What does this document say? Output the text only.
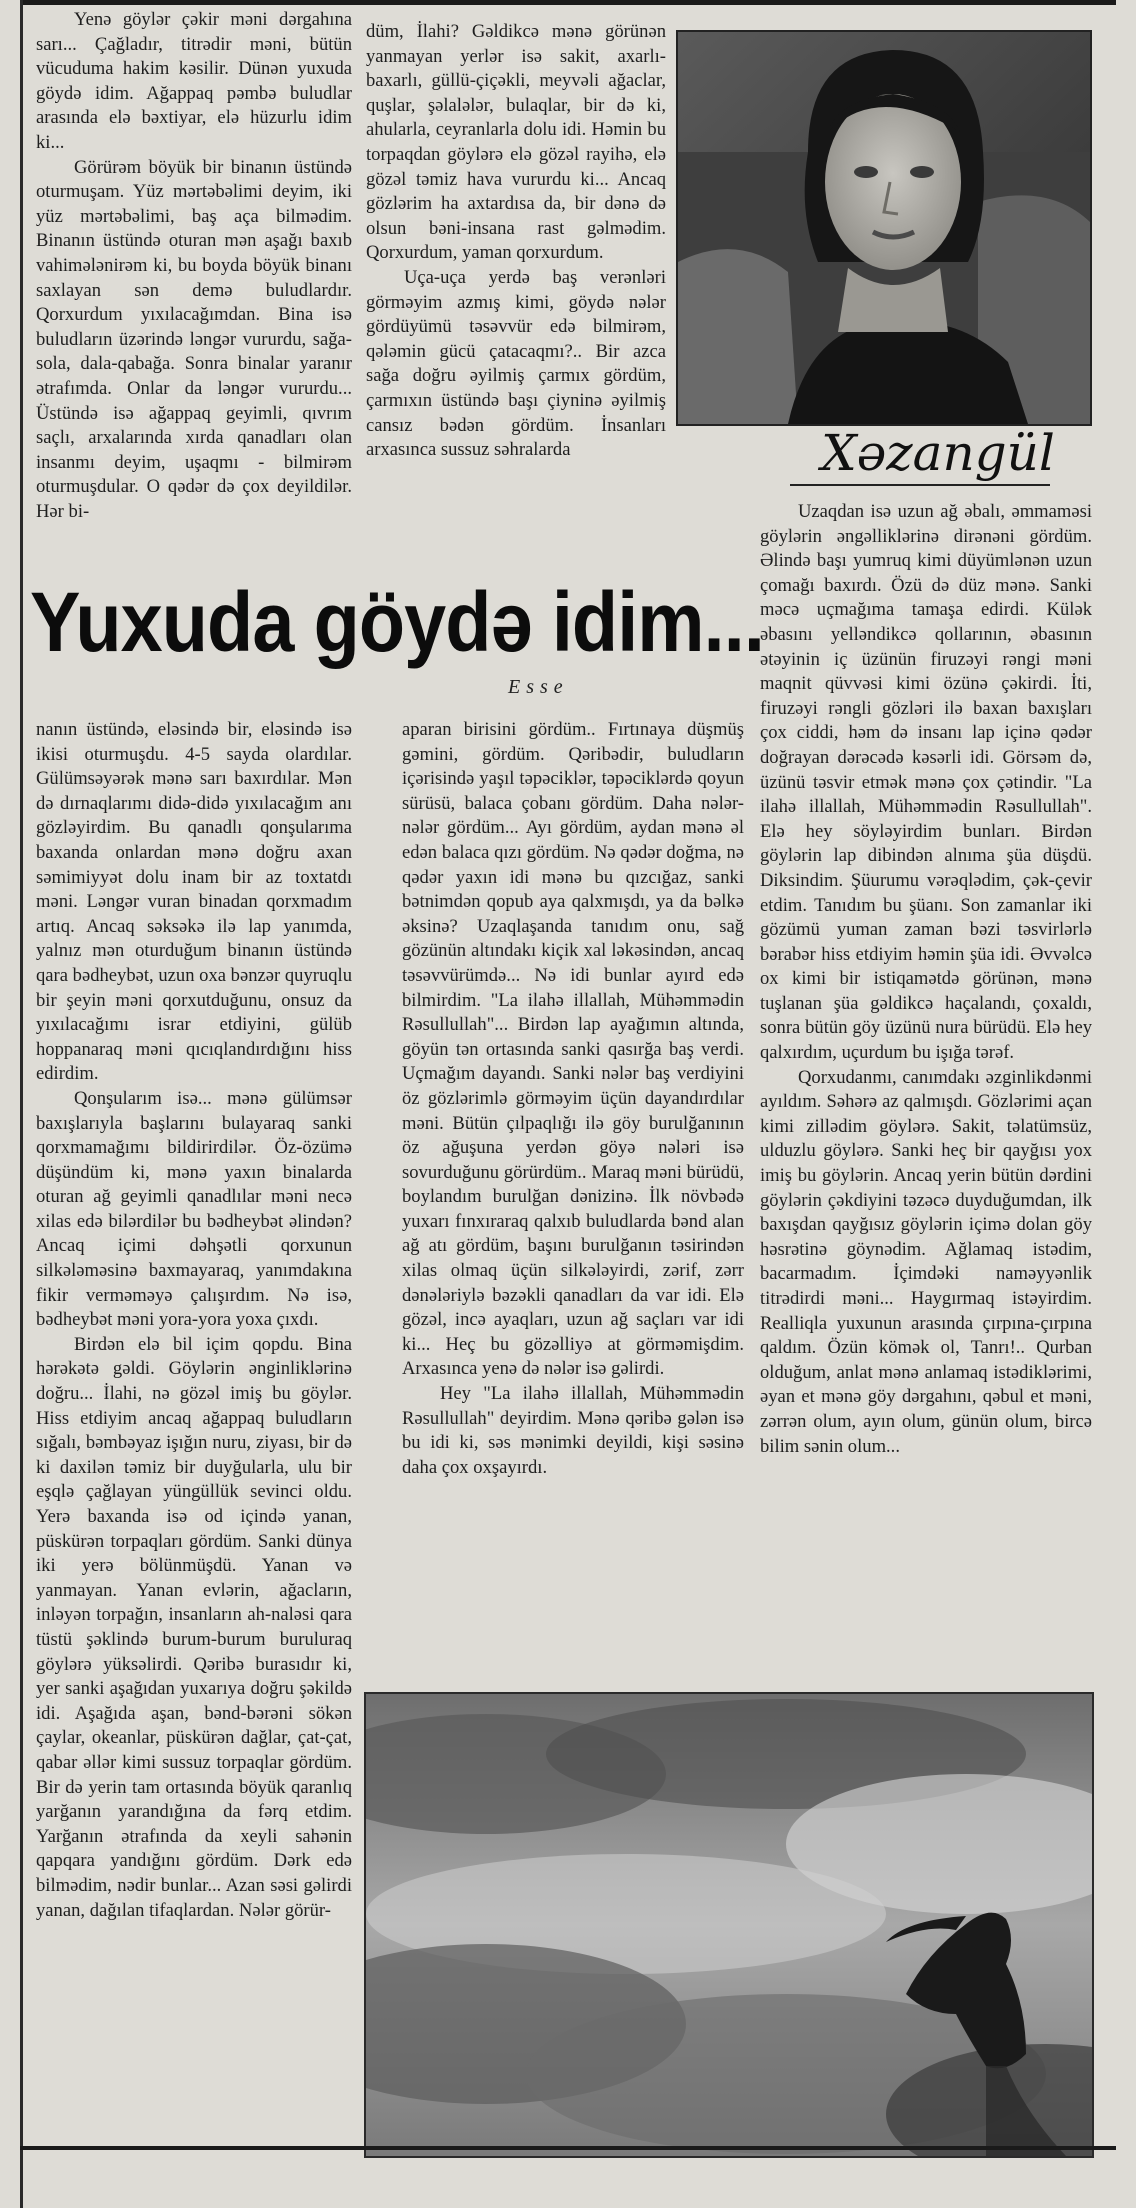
Yenə göylər çəkir məni dərgahına sarı... Çağladır, titrədir məni, bütün vücuduma hakim kəsilir. Dünən yuxuda göydə idim. Ağappaq pəmbə buludlar arasında elə bəxtiyar, elə hüzurlu idim ki...

Görürəm böyük bir binanın üstündə oturmuşam. Yüz mərtəbəlimi deyim, iki yüz mərtəbəlimi, baş aça bilmədim. Binanın üstündə oturan mən aşağı baxıb vahimələnirəm ki, bu boyda böyük binanı saxlayan sən demə buludlardır. Qorxurdum yıxılacağımdan. Bina isə buludların üzərində ləngər vururdu, sağa-sola, dala-qabağa. Sonra binalar yaranır ətrafımda. Onlar da ləngər vururdu... Üstündə isə ağappaq geyimli, qıvrım saçlı, arxalarında xırda qanadları olan insanmı deyim, uşaqmı - bilmirəm oturmuşdular. O qədər də çox deyildilər. Hər bi-

düm, İlahi? Gəldikcə mənə görünən yanmayan yerlər isə sakit, axarlı-baxarlı, güllü-çiçəkli, meyvəli ağaclar, quşlar, şəlalələr, bulaqlar, bir də ki, ahularla, ceyranlarla dolu idi. Həmin bu torpaqdan göylərə elə gözəl rayihə, elə gözəl təmiz hava vururdu ki... Ancaq gözlərim ha axtardısa da, bir dənə də olsun bəni-insana rast gəlmədim. Qorxurdum, yaman qorxurdum.

Uça-uça yerdə baş verənləri görməyim azmış kimi, göydə nələr gördüyümü təsəvvür edə bilmirəm, qələmin gücü çatacaqmı?.. Bir azca sağa doğru əyilmiş çarmıx gördüm, çarmıxın üstündə başı çiyninə əyilmiş cansız bədən gördüm. İnsanları arxasınca sussuz səhralarda	Xəzangül

Uzaqdan isə uzun ağ əbalı, əmmaməsi göylərin əngəlliklərinə dirənəni gördüm. Əlində başı yumruq kimi düyümlənən uzun çomağı baxırdı. Özü də düz mənə. Sanki məcə uçmağıma tamaşa edirdi. Külək əbasını yelləndikcə qollarının, əbasının ətəyinin iç üzünün firuzəyi rəngi məni maqnit qüvvəsi kimi özünə çəkirdi. İti, firuzəyi rəngli gözləri ilə baxan baxışları çox ciddi, həm də insanı lap içinə qədər doğrayan dərəcədə kəsərli idi. Görsəm də, üzünü təsvir etmək mənə çox çətindir. "La ilahə illallah, Mühəmmədin Rəsullullah". Elə hey söyləyirdim bunları. Birdən göylərin lap dibindən alnıma şüa düşdü. Diksindim. Şüurumu vərəqlədim, çək-çevir etdim. Tanıdım bu şüanı. Son zamanlar iki gözümü yuman zaman bəzi təsvirlərlə bərabər hiss etdiyim həmin şüa idi. Əvvəlcə ox kimi bir istiqamətdə görünən, mənə tuşlanan şüa gəldikcə haçalandı, çoxaldı, sonra bütün göy üzünü nura bürüdü. Elə hey qalxırdım, uçurdum bu işığa tərəf.

Qorxudanmı, canımdakı əzginlikdənmi ayıldım. Səhərə az qalmışdı. Gözlərimi açan kimi zillədim göylərə. Sakit, təlatümsüz, ulduzlu göylərə. Sanki heç bir qayğısı yox imiş bu göylərin. Ancaq yerin bütün dərdini göylərin çəkdiyini təzəcə duyduğumdan, ilk baxışdan qayğısız göylərin içimə dolan göy həsrətinə göynədim. Ağlamaq istədim, bacarmadım. İçimdəki naməyyənlik titrədirdi məni... Haygırmaq istəyirdim. Realliqla yuxunun arasında çırpına-çırpına qaldım. Özün kömək ol, Tanrı!.. Qurban olduğum, anlat mənə anlamaq istədiklərimi, əyan et mənə göy dərgahını, qəbul et məni, zərrən olum, ayın olum, günün olum, bircə bilim sənin olum...

Yuxuda göydə idim...
Esse

nanın üstündə, eləsində bir, eləsində isə ikisi oturmuşdu. 4-5 sayda olardılar. Gülümsəyərək mənə sarı baxırdılar. Mən də dırnaqlarımı didə-didə yıxılacağım anı gözləyirdim. Bu qanadlı qonşularıma baxanda onlardan mənə doğru axan səmimiyyət dolu inam bir az toxtatdı məni. Ləngər vuran binadan qorxmadım artıq. Ancaq səksəkə ilə lap yanımda, yalnız mən oturduğum binanın üstündə qara bədheybət, uzun oxa bənzər quyruqlu bir şeyin məni qorxutduğunu, onsuz da yıxılacağımı israr etdiyini, gülüb hoppanaraq məni qıcıqlandırdığını hiss edirdim.

Qonşularım isə... mənə gülümsər baxışlarıyla başlarını bulayaraq sanki qorxmamağımı bildirirdilər. Öz-özümə düşündüm ki, mənə yaxın binalarda oturan ağ geyimli qanadlılar məni necə xilas edə bilərdilər bu bədheybət əlindən? Ancaq içimi dəhşətli qorxunun silkələməsinə baxmayaraq, yanımdakına fikir verməməyə çalışırdım. Nə isə, bədheybət məni yora-yora yoxa çıxdı.

Birdən elə bil içim qopdu. Bina hərəkətə gəldi. Göylərin ənginliklərinə doğru... İlahi, nə gözəl imiş bu göylər. Hiss etdiyim ancaq ağappaq buludların sığalı, bəmbəyaz işığın nuru, ziyası, bir də ki daxilən təmiz bir duyğularla, ulu bir eşqlə çağlayan yüngüllük sevinci oldu. Yerə baxanda isə od içində yanan, püskürən torpaqları gördüm. Sanki dünya iki yerə bölünmüşdü. Yanan və yanmayan. Yanan evlərin, ağacların, inləyən torpağın, insanların ah-naləsi qara tüstü şəklində burum-burum buruluraq göylərə yüksəlirdi. Qəribə burasıdır ki, yer sanki aşağıdan yuxarıya doğru şəkildə idi. Aşağıda aşan, bənd-bərəni sökən çaylar, okeanlar, püskürən dağlar, çat-çat, qabar əllər kimi sussuz torpaqlar gördüm. Bir də yerin tam ortasında böyük qaranlıq yarğanın yarandığına da fərq etdim. Yarğanın ətrafında da xeyli sahənin qapqara yandığını gördüm. Dərk edə bilmədim, nədir bunlar... Azan səsi gəlirdi yanan, dağılan tifaqlardan. Nələr görür-

aparan birisini gördüm.. Fırtınaya düşmüş gəmini, gördüm. Qəribədir, buludların içərisində yaşıl təpəciklər, təpəciklərdə qoyun sürüsü, balaca çobanı gördüm. Daha nələr-nələr gördüm... Ayı gördüm, aydan mənə əl edən balaca qızı gördüm. Nə qədər doğma, nə qədər yaxın idi mənə bu qızcığaz, sanki bətnimdən qopub aya qalxmışdı, ya da bəlkə əksinə? Uzaqlaşanda tanıdım onu, sağ gözünün altındakı kiçik xal ləkəsindən, ancaq təsəvvürümdə... Nə idi bunlar ayırd edə bilmirdim. "La ilahə illallah, Mühəmmədin Rəsullullah"... Birdən lap ayağımın altında, göyün tən ortasında sanki qasırğa baş verdi. Uçmağım dayandı. Sanki nələr baş verdiyini öz gözlərimlə görməyim üçün dayandırdılar məni. Bütün çılpaqlığı ilə göy burulğanının öz ağuşuna yerdən göyə nələri isə sovurduğunu görürdüm.. Maraq məni bürüdü, boylandım burulğan dənizinə. İlk növbədə yuxarı fınxıraraq qalxıb buludlarda bənd alan ağ atı gördüm, başını burulğanın təsirindən xilas olmaq üçün silkələyirdi, zərif, zərr dənələriylə bəzəkli qanadları da var idi. Elə gözəl, incə ayaqları, uzun ağ saçları var idi ki... Heç bu gözəlliyə at görməmişdim. Arxasınca yenə də nələr isə gəlirdi.

Hey "La ilahə illallah, Mühəmmədin Rəsullullah" deyirdim. Mənə qəribə gələn isə bu idi ki, səs mənimki deyildi, kişi səsinə daha çox oxşayırdı.
